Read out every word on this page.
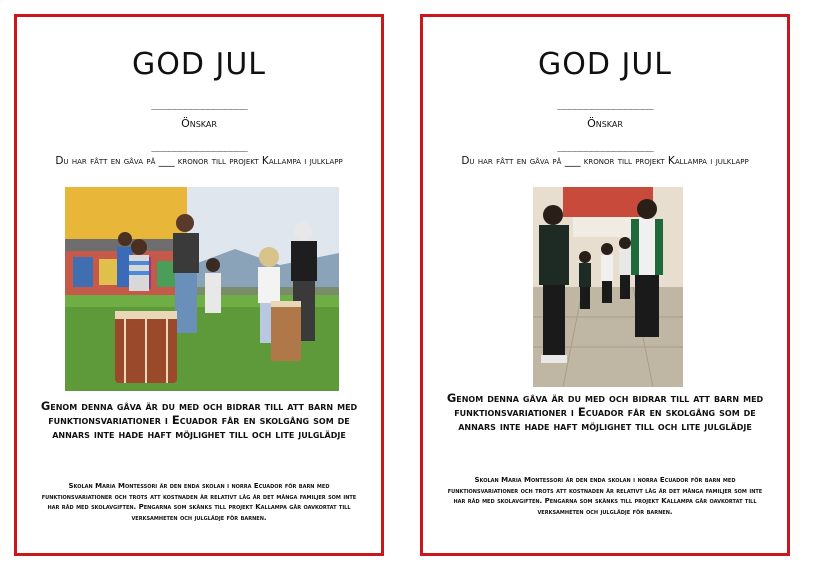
GOD JUL
_________________
Önskar
_________________
Du har fått en gåva på ___ kronor till projekt Kallampa i julklapp
Genom denna gåva är du med och bidrar till att barn med funktionsvariationer i Ecuador får en skolgång som de annars inte hade haft möjlighet till och lite julglädje
Skolan Maria Montessori är den enda skolan i norra Ecuador för barn med funktionsvariationer och trots att kostnaden är relativt låg är det många familjer som inte har råd med skolavgiften. Pengarna som skänks till projekt Kallampa går oavkortat till verksamheten och julglädje för barnen.
GOD JUL
_________________
Önskar
_________________
Du har fått en gåva på ___ kronor till projekt Kallampa i julklapp
Genom denna gåva är du med och bidrar till att barn med funktionsvariationer i Ecuador får en skolgång som de annars inte hade haft möjlighet till och lite julglädje
Skolan Maria Montessori är den enda skolan i norra Ecuador för barn med funktionsvariationer och trots att kostnaden är relativt låg är det många familjer som inte har råd med skolavgiften. Pengarna som skänks till projekt Kallampa går oavkortat till verksamheten och julglädje för barnen.
